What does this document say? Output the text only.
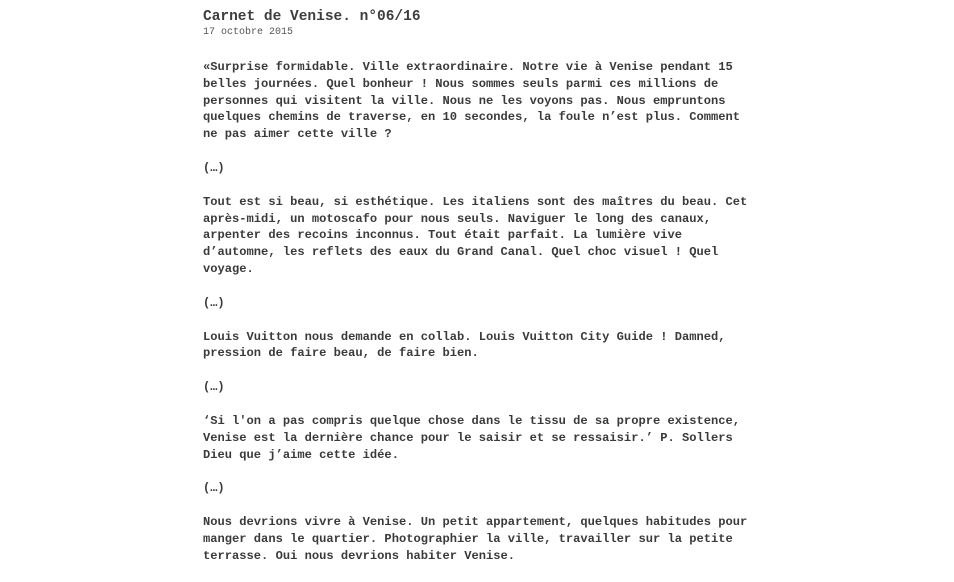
Carnet de Venise. n°06/16
17 octobre 2015
«Surprise formidable. Ville extraordinaire. Notre vie à Venise pendant 15
belles journées. Quel bonheur ! Nous sommes seuls parmi ces millions de
personnes qui visitent la ville. Nous ne les voyons pas. Nous empruntons
quelques chemins de traverse, en 10 secondes, la foule n’est plus. Comment
ne pas aimer cette ville ?
(…)
Tout est si beau, si esthétique. Les italiens sont des maîtres du beau. Cet
après-midi, un motoscafo pour nous seuls. Naviguer le long des canaux,
arpenter des recoins inconnus. Tout était parfait. La lumière vive
d’automne, les reflets des eaux du Grand Canal. Quel choc visuel ! Quel
voyage.
(…)
Louis Vuitton nous demande en collab. Louis Vuitton City Guide ! Damned,
pression de faire beau, de faire bien.
(…)
‘Si l'on a pas compris quelque chose dans le tissu de sa propre existence,
Venise est la dernière chance pour le saisir et se ressaisir.’ P. Sollers
Dieu que j’aime cette idée.
(…)
Nous devrions vivre à Venise. Un petit appartement, quelques habitudes pour
manger dans le quartier. Photographier la ville, travailler sur la petite
terrasse. Oui nous devrions habiter Venise.
